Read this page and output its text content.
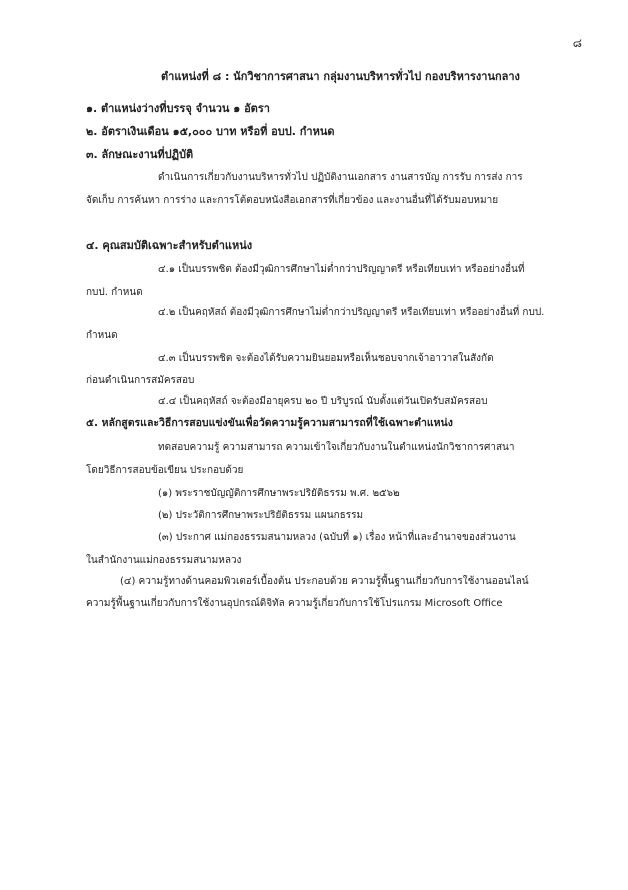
๘
ตำแหน่งที่ ๘ : นักวิชาการศาสนา กลุ่มงานบริหารทั่วไป กองบริหารงานกลาง
๑. ตำแหน่งว่างที่บรรจุ จำนวน ๑ อัตรา
๒. อัตราเงินเดือน ๑๕,๐๐๐ บาท หรือที่ อบป. กำหนด
๓. ลักษณะงานที่ปฏิบัติ
ดำเนินการเกี่ยวกับงานบริหารทั่วไป ปฏิบัติงานเอกสาร งานสารบัญ การรับ การส่ง การ
จัดเก็บ การค้นหา การร่าง และการโต้ตอบหนังสือเอกสารที่เกี่ยวข้อง และงานอื่นที่ได้รับมอบหมาย
๔. คุณสมบัติเฉพาะสำหรับตำแหน่ง
๔.๑ เป็นบรรพชิต ต้องมีวุฒิการศึกษาไม่ต่ำกว่าปริญญาตรี หรือเทียบเท่า หรืออย่างอื่นที่
กบป. กำหนด
๔.๒ เป็นคฤหัสถ์ ต้องมีวุฒิการศึกษาไม่ต่ำกว่าปริญญาตรี หรือเทียบเท่า หรืออย่างอื่นที่ กบป.
กำหนด
๔.๓ เป็นบรรพชิต จะต้องได้รับความยินยอมหรือเห็นชอบจากเจ้าอาวาสในสังกัด
ก่อนดำเนินการสมัครสอบ
๔.๔ เป็นคฤหัสถ์ จะต้องมีอายุครบ ๒๐ ปี บริบูรณ์ นับตั้งแต่วันเปิดรับสมัครสอบ
๕. หลักสูตรและวิธีการสอบแข่งขันเพื่อวัดความรู้ความสามารถที่ใช้เฉพาะตำแหน่ง
ทดสอบความรู้ ความสามารถ ความเข้าใจเกี่ยวกับงานในตำแหน่งนักวิชาการศาสนา
โดยวิธีการสอบข้อเขียน ประกอบด้วย
(๑) พระราชบัญญัติการศึกษาพระปริยัติธรรม พ.ศ. ๒๕๖๒
(๒) ประวัติการศึกษาพระปริยัติธรรม แผนกธรรม
(๓) ประกาศ แม่กองธรรมสนามหลวง (ฉบับที่ ๑) เรื่อง หน้าที่และอำนาจของส่วนงาน
ในสำนักงานแม่กองธรรมสนามหลวง
(๔) ความรู้ทางด้านคอมพิวเตอร์เบื้องต้น ประกอบด้วย ความรู้พื้นฐานเกี่ยวกับการใช้งานออนไลน์
ความรู้พื้นฐานเกี่ยวกับการใช้งานอุปกรณ์ดิจิทัล ความรู้เกี่ยวกับการใช้โปรแกรม Microsoft Office
